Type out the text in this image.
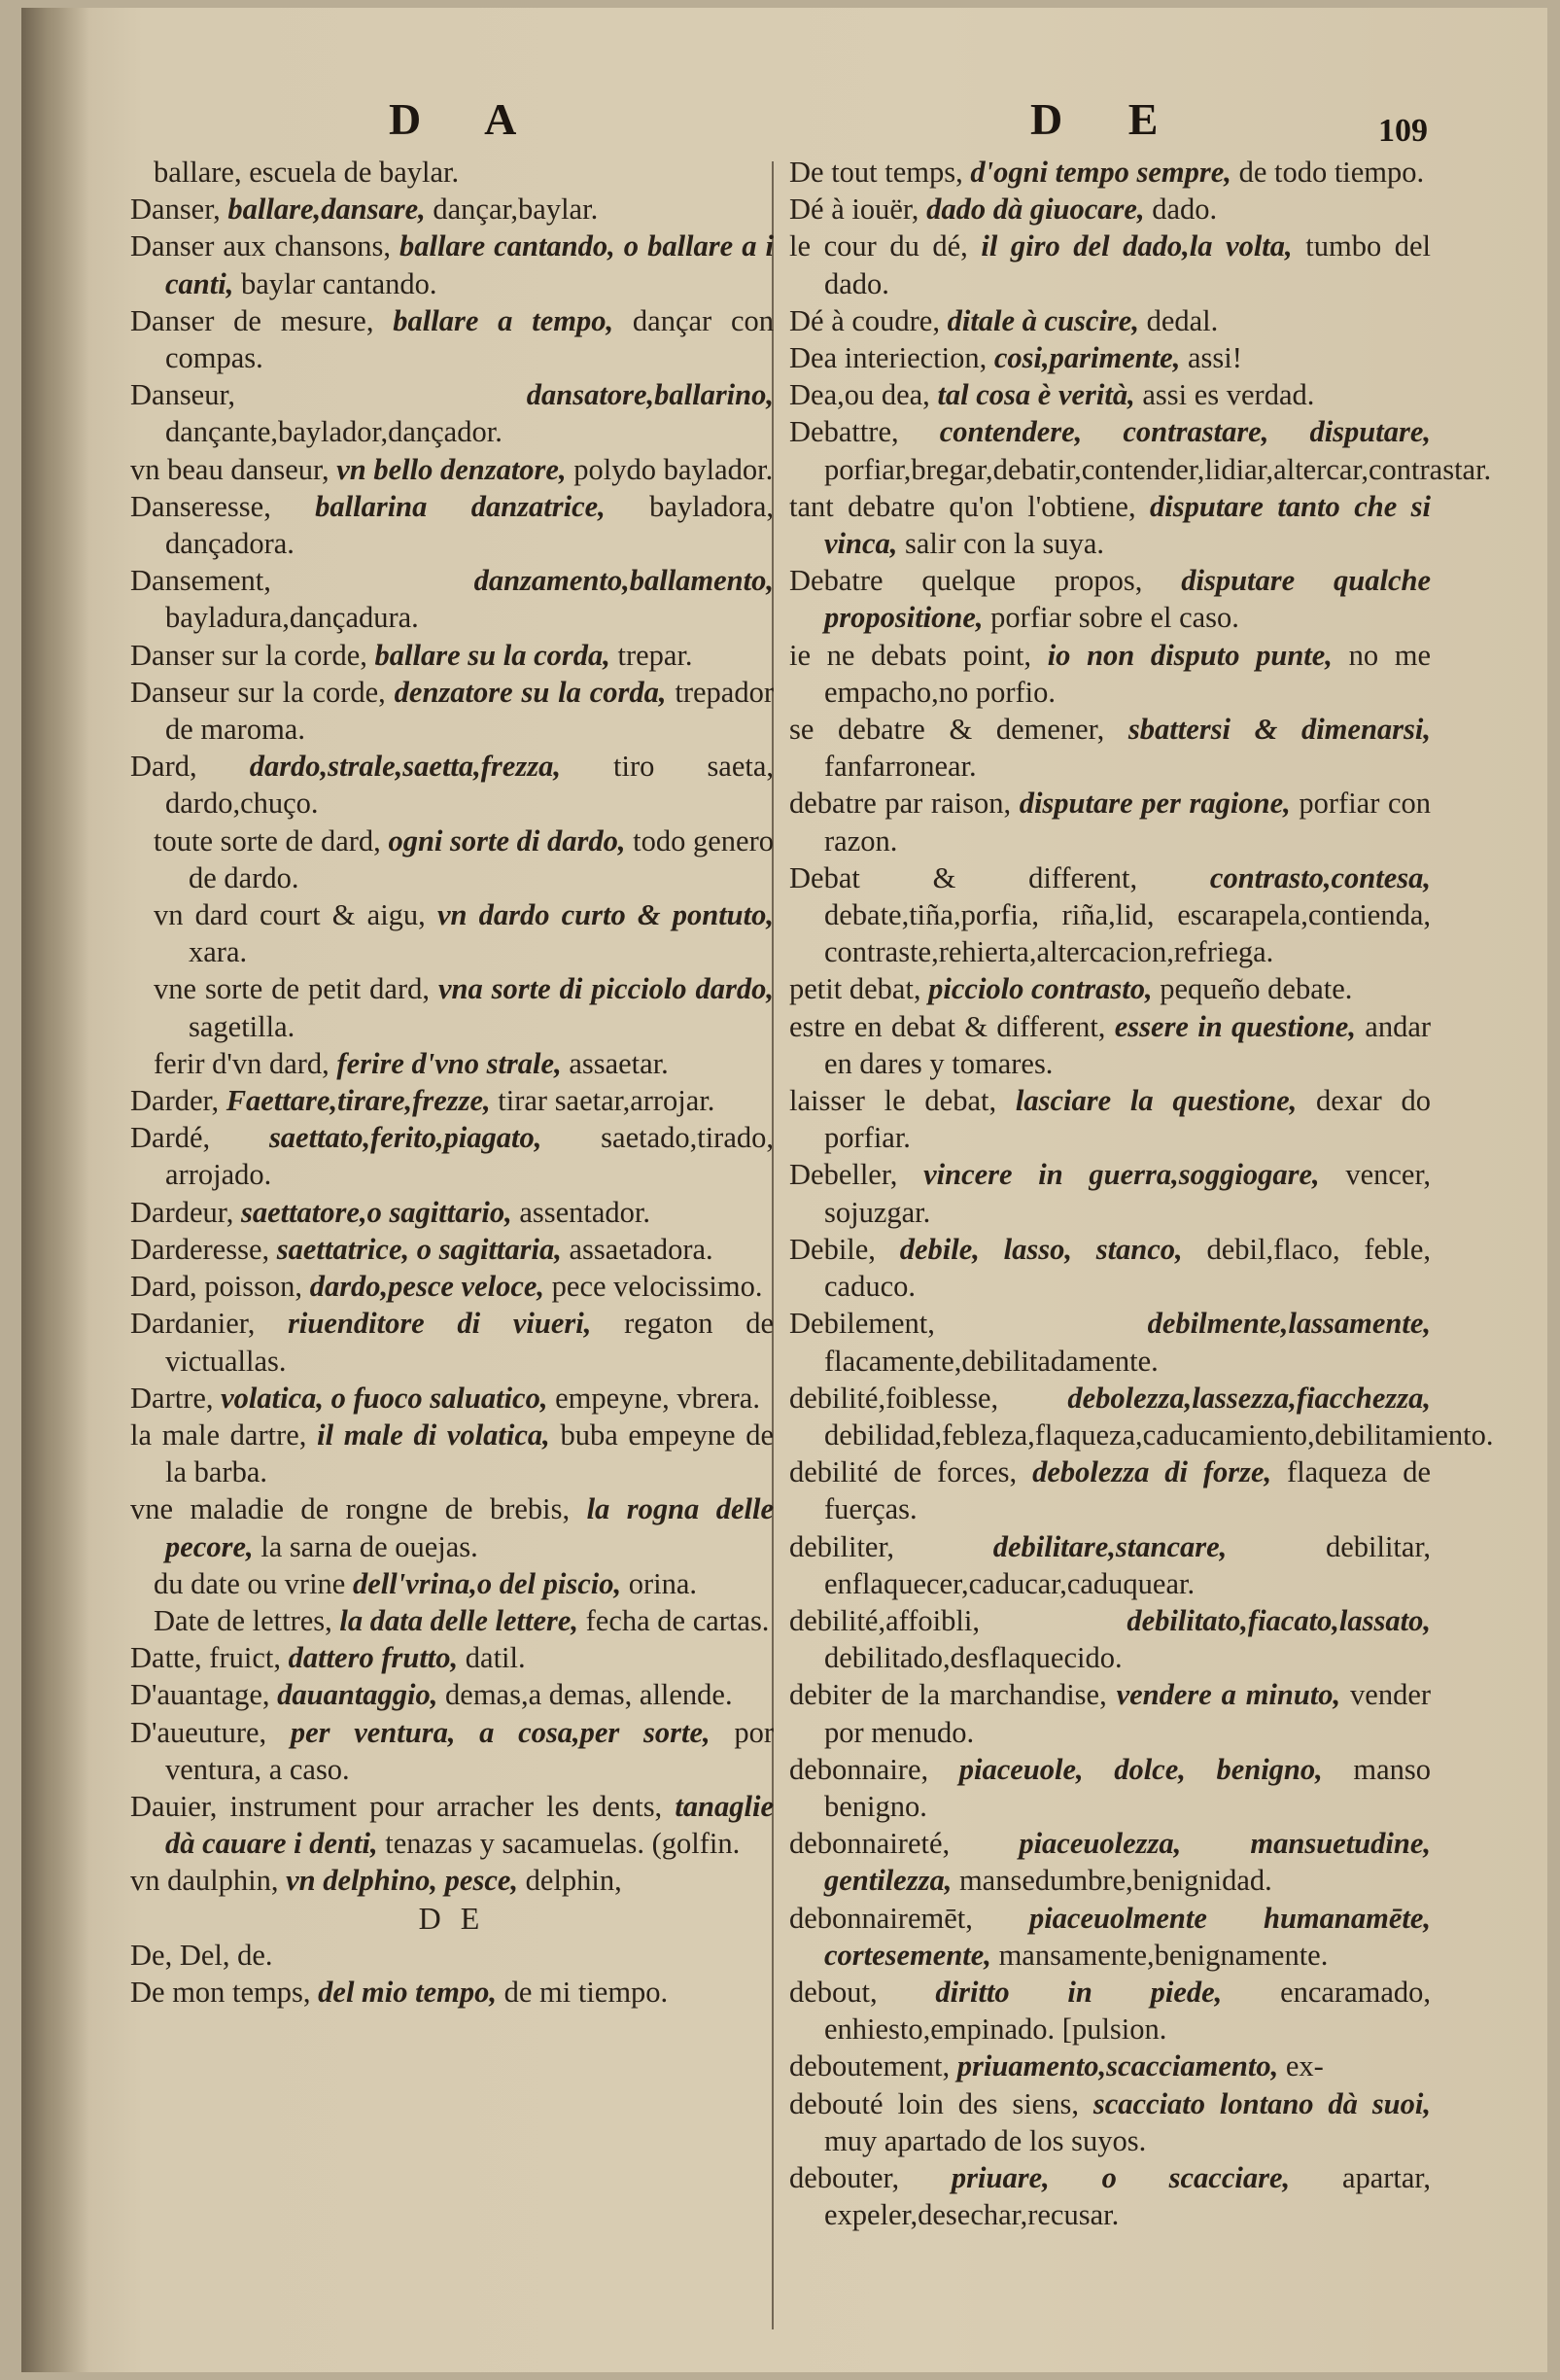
D A	D E	109

ballare, escuela de baylar.

Danser, ballare,dansare, dançar,baylar.

Danser aux chansons, ballare cantando, o ballare a i canti, baylar cantando.

Danser de mesure, ballare a tempo, dançar con compas.

Danseur,	dansatore,ballarino, dançante,baylador,dançador.

vn beau danseur, vn bello denzatore, polydo baylador.

Danseresse, ballarina danzatrice, bayladora, dançadora.

Dansement,	danzamento,ballamento, bayladura,dançadura.

Danser sur la corde, ballare su la corda, trepar.

Danseur sur la corde, denzatore su la corda, trepador de maroma.

Dard, dardo,strale,saetta,frezza, tiro saeta, dardo,chuço.

toute sorte de dard, ogni sorte di dardo, todo genero de dardo.

vn dard court & aigu, vn dardo curto & pontuto, xara.

vne sorte de petit dard, vna sorte di picciolo dardo, sagetilla.

ferir d'vn dard, ferire d'vno strale, assaetar.

Darder, Faettare,tirare,frezze, tirar saetar,arrojar.

Dardé, saettato,ferito,piagato, saetado,tirado, arrojado.

Dardeur, saettatore,o sagittario, assentador.

Darderesse, saettatrice, o sagittaria, assaetadora.

Dard, poisson, dardo,pesce veloce, pece velocissimo.

Dardanier, riuenditore di viueri, regaton de victuallas.

Dartre, volatica, o fuoco saluatico, empeyne, vbrera.

la male dartre, il male di volatica, buba empeyne de la barba.

vne maladie de rongne de brebis, la rogna delle pecore, la sarna de ouejas.

du date ou vrine dell'vrina,o del piscio, orina.

Date de lettres, la data delle lettere, fecha de cartas.

Datte, fruict, dattero frutto, datil.

D'auantage, dauantaggio, demas,a demas, allende.

D'aueuture, per ventura, a cosa,per sorte, por ventura, a caso.

Dauier, instrument pour arracher les dents, tanaglie dà cauare i denti, tenazas y sacamuelas. (golfin.

vn daulphin, vn delphino, pesce, delphin,

D E

De, Del, de.

De mon temps, del mio tempo, de mi tiempo.

De tout temps, d'ogni tempo sempre, de todo tiempo.

Dé à iouër, dado dà giuocare, dado.

le cour du dé, il giro del dado,la volta, tumbo del dado.

Dé à coudre, ditale à cuscire, dedal.

Dea interiection, cosi,parimente, assi!

Dea,ou dea, tal cosa è verità, assi es verdad.

Debattre, contendere, contrastare, disputare, porfiar,bregar,debatir,contender,lidiar,altercar,contrastar.

tant debatre qu'on l'obtiene, disputare tanto che si vinca, salir con la suya.

Debatre quelque propos, disputare qualche propositione, porfiar sobre el caso.

ie ne debats point, io non disputo punte, no me empacho,no porfio.

se debatre & demener, sbattersi & dimenarsi, fanfarronear.

debatre par raison, disputare per ragione, porfiar con razon.

Debat & different, contrasto,contesa, debate,tiña,porfia, riña,lid, escarapela,contienda, contraste,rehierta,altercacion,refriega.

petit debat, picciolo contrasto, pequeño debate.

estre en debat & different, essere in questione, andar en dares y tomares.

laisser le debat, lasciare la questione, dexar do porfiar.

Debeller, vincere in guerra,soggiogare, vencer, sojuzgar.

Debile, debile, lasso, stanco, debil,flaco, feble, caduco.

Debilement,	debilmente,lassamente, flacamente,debilitadamente.

debilité,foiblesse, debolezza,lassezza,fiacchezza, debilidad,febleza,flaqueza,caducamiento,debilitamiento.

debilité de forces, debolezza di forze, flaqueza de fuerças.

debiliter,	debilitare,stancare,	debilitar, enflaquecer,caducar,caduquear.

debilité,affoibli,	debilitato,fiacato,lassato, debilitado,desflaquecido.

debiter de la marchandise, vendere a minuto, vender por menudo.

debonnaire, piaceuole, dolce, benigno, manso benigno.

debonnaireté, piaceuolezza, mansuetudine, gentilezza, mansedumbre,benignidad.

debonnairemēt, piaceuolmente humanamēte, cortesemente, mansamente,benignamente.

debout, diritto in piede, encaramado, enhiesto,empinado. [pulsion.

deboutement, priuamento,scacciamento, ex-

debouté loin des siens, scacciato lontano dà suoi, muy apartado de los suyos.

debouter, priuare, o scacciare, apartar, expeler,desechar,recusar.
